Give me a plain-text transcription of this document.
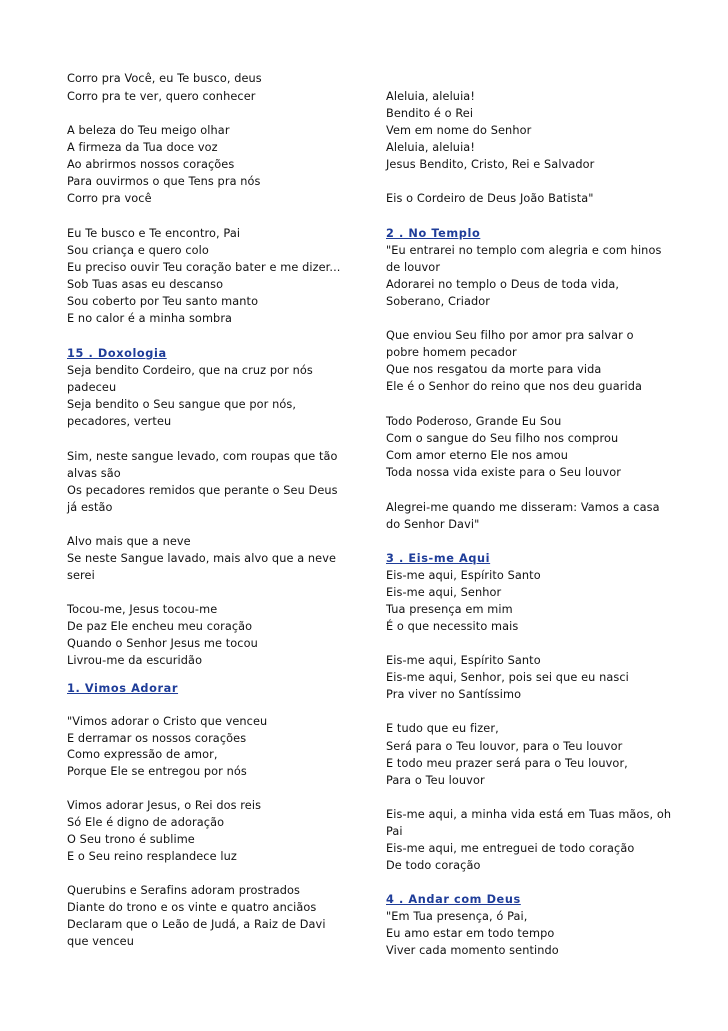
Corro pra Você, eu Te busco, deus
Corro pra te ver, quero conhecer
A beleza do Teu meigo olhar
A firmeza da Tua doce voz
Ao abrirmos nossos corações
Para ouvirmos o que Tens pra nós
Corro pra você
Eu Te busco e Te encontro, Pai
Sou criança e quero colo
Eu preciso ouvir Teu coração bater e me dizer...
Sob Tuas asas eu descanso
Sou coberto por Teu santo manto
E no calor é a minha sombra
15 . Doxologia
Seja bendito Cordeiro, que na cruz por nós
padeceu
Seja bendito o Seu sangue que por nós,
pecadores, verteu
Sim, neste sangue levado, com roupas que tão
alvas são
Os pecadores remidos que perante o Seu Deus
já estão
Alvo mais que a neve
Se neste Sangue lavado, mais alvo que a neve
serei
Tocou-me, Jesus tocou-me
De paz Ele encheu meu coração
Quando o Senhor Jesus me tocou
Livrou-me da escuridão
1. Vimos Adorar
"Vimos adorar o Cristo que venceu
E derramar os nossos corações
Como expressão de amor,
Porque Ele se entregou por nós
Vimos adorar Jesus, o Rei dos reis
Só Ele é digno de adoração
O Seu trono é sublime
E o Seu reino resplandece luz
Querubins e Serafins adoram prostrados
Diante do trono e os vinte e quatro anciãos
Declaram que o Leão de Judá, a Raiz de Davi
que venceu
Aleluia, aleluia!
Bendito é o Rei
Vem em nome do Senhor
Aleluia, aleluia!
Jesus Bendito, Cristo, Rei e Salvador
Eis o Cordeiro de Deus João Batista"
2 . No Templo
"Eu entrarei no templo com alegria e com hinos
de louvor
Adorarei no templo o Deus de toda vida,
Soberano, Criador
Que enviou Seu filho por amor pra salvar o
pobre homem pecador
Que nos resgatou da morte para vida
Ele é o Senhor do reino que nos deu guarida
Todo Poderoso, Grande Eu Sou
Com o sangue do Seu filho nos comprou
Com amor eterno Ele nos amou
Toda nossa vida existe para o Seu louvor
Alegrei-me quando me disseram: Vamos a casa
do Senhor Davi"
3 . Eis-me Aqui
Eis-me aqui, Espírito Santo
Eis-me aqui, Senhor
Tua presença em mim
É o que necessito mais
Eis-me aqui, Espírito Santo
Eis-me aqui, Senhor, pois sei que eu nasci
Pra viver no Santíssimo
E tudo que eu fizer,
Será para o Teu louvor, para o Teu louvor
E todo meu prazer será para o Teu louvor,
Para o Teu louvor
Eis-me aqui, a minha vida está em Tuas mãos, oh
Pai
Eis-me aqui, me entreguei de todo coração
De todo coração
4 . Andar com Deus
"Em Tua presença, ó Pai,
Eu amo estar em todo tempo
Viver cada momento sentindo
